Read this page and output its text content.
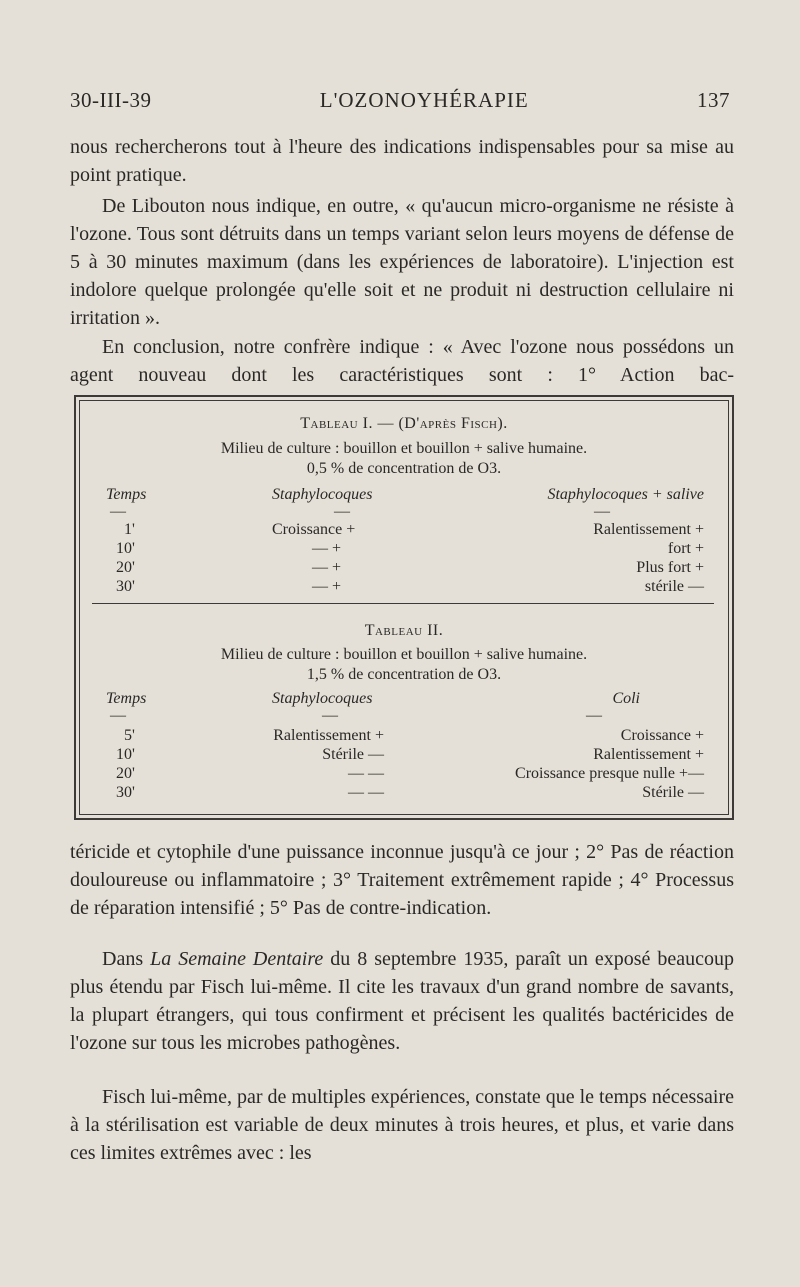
30-III-39	L'OZONOYHÉRAPIE	137

nous rechercherons tout à l'heure des indications indispensables pour sa mise au point pratique.

De Libouton nous indique, en outre, « qu'aucun micro-organisme ne résiste à l'ozone. Tous sont détruits dans un temps variant selon leurs moyens de défense de 5 à 30 minutes maximum (dans les expériences de laboratoire). L'injection est indolore quelque prolongée qu'elle soit et ne produit ni destruction cellulaire ni irritation ».

En conclusion, notre confrère indique : « Avec l'ozone nous possédons un agent nouveau dont les caractéristiques sont : 1° Action bac-

Tableau I. — (D'après Fisch).
Milieu de culture : bouillon et bouillon + salive humaine.
0,5 % de concentration de O3.
Temps	Staphylocoques	Staphylocoques + salive
—	—	—
1'	Croissance +	Ralentissement +
10'	— +	fort +
20'	— +	Plus fort +
30'	— +	stérile —
Tableau II.
Milieu de culture : bouillon et bouillon + salive humaine.
1,5 % de concentration de O3.
Temps	Staphylocoques	Coli
—	—	—
5'	Ralentissement +	Croissance +
10'	Stérile —	Ralentissement +
20'	— —	Croissance presque nulle +—
30'	— —	Stérile —

téricide et cytophile d'une puissance inconnue jusqu'à ce jour ; 2° Pas de réaction douloureuse ou inflammatoire ; 3° Traitement extrêmement rapide ; 4° Processus de réparation intensifié ; 5° Pas de contre-indication.

Dans La Semaine Dentaire du 8 septembre 1935, paraît un exposé beaucoup plus étendu par Fisch lui-même. Il cite les travaux d'un grand nombre de savants, la plupart étrangers, qui tous confirment et précisent les qualités bactéricides de l'ozone sur tous les microbes pathogènes.

Fisch lui-même, par de multiples expériences, constate que le temps nécessaire à la stérilisation est variable de deux minutes à trois heures, et plus, et varie dans ces limites extrêmes avec : les
